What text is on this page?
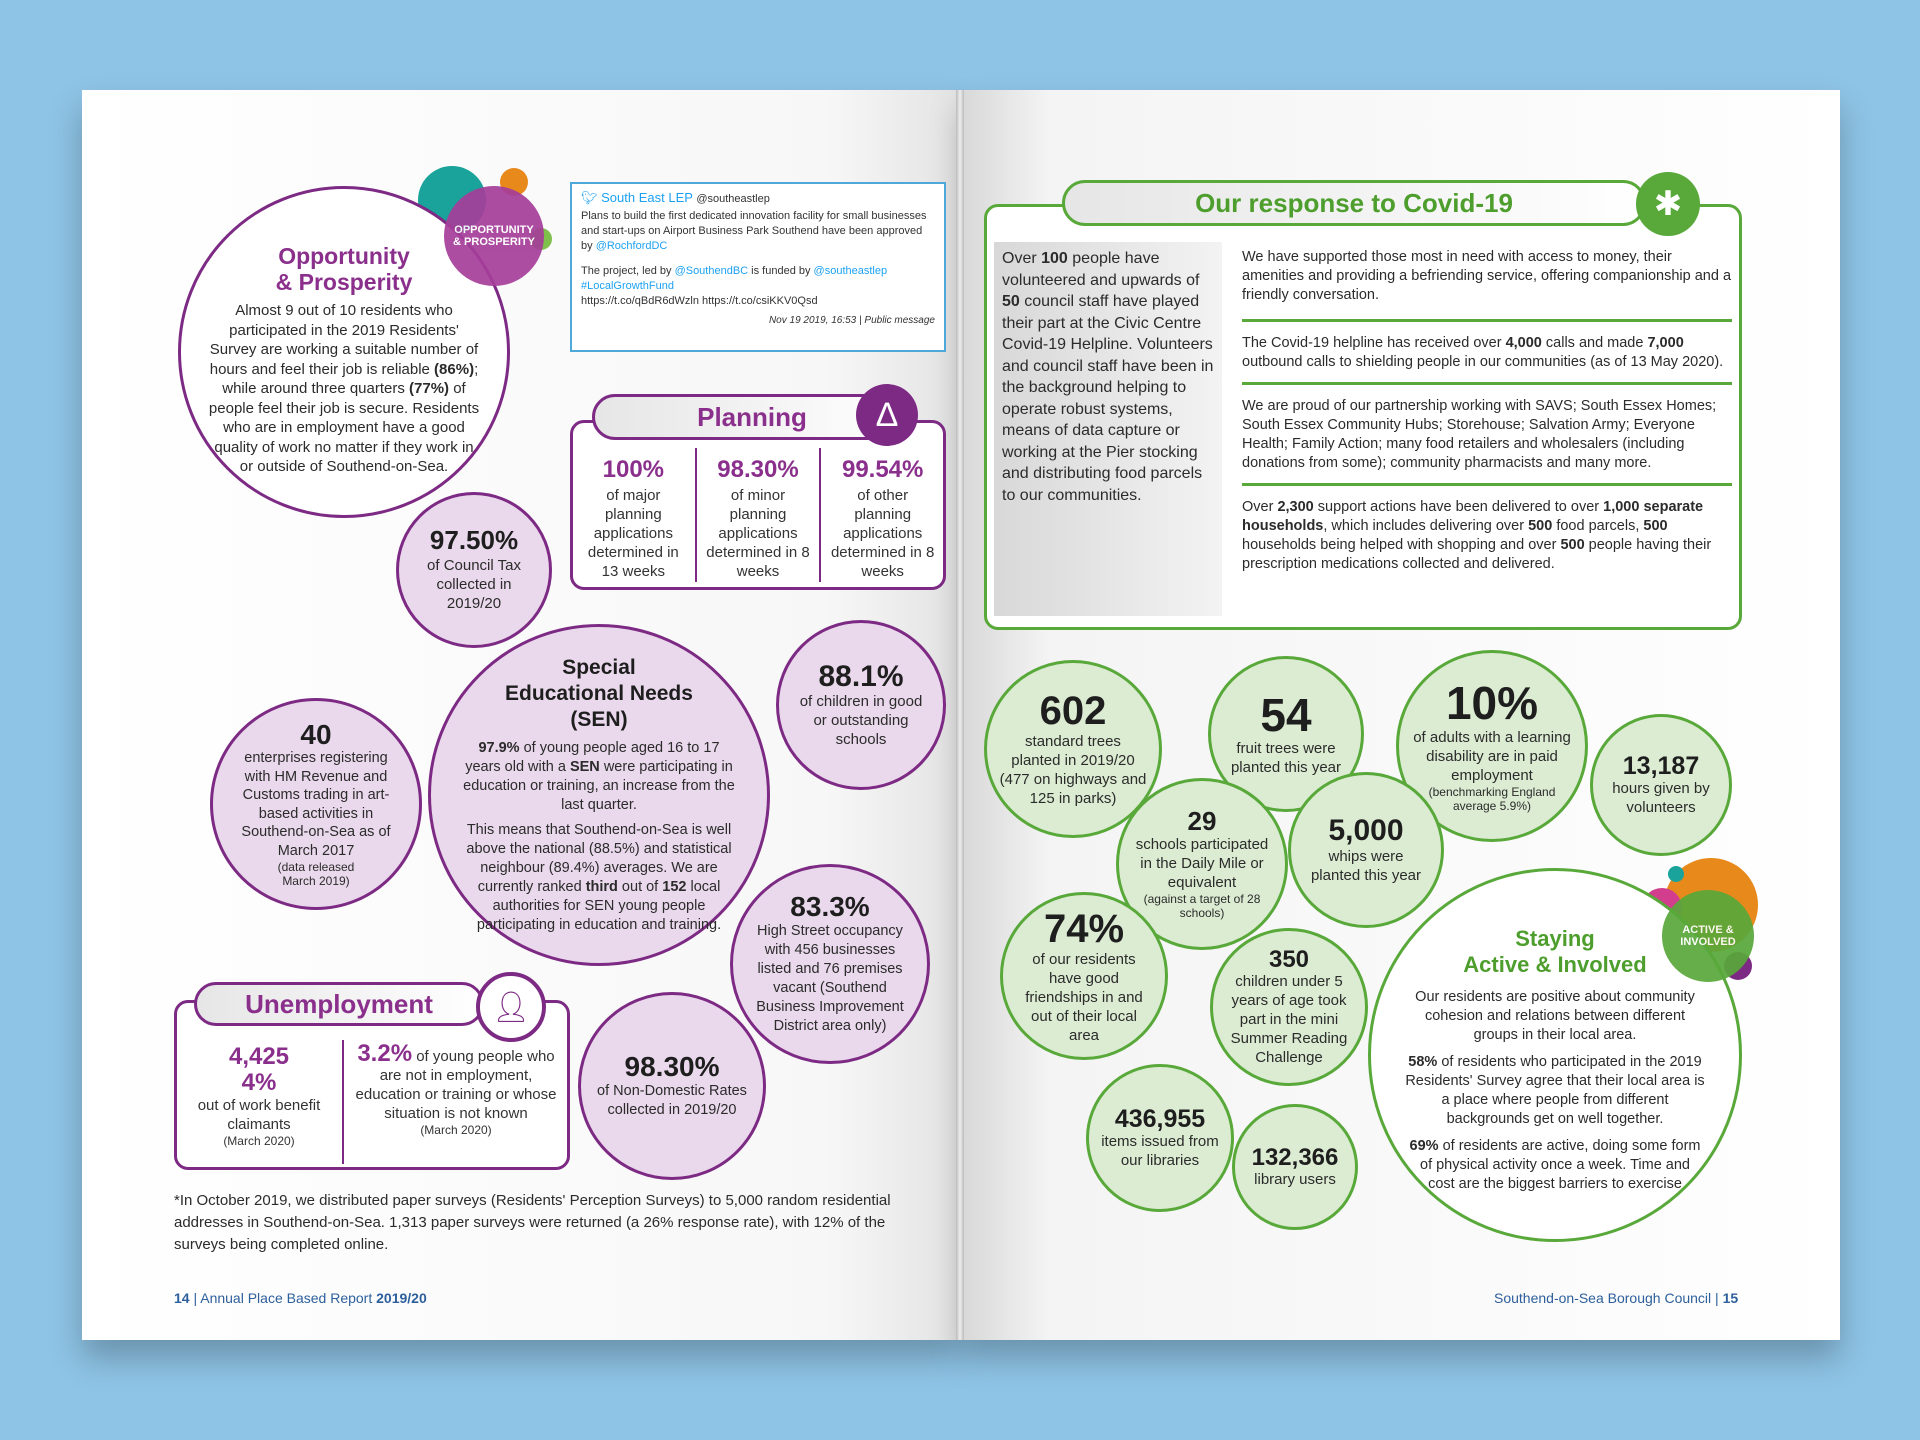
Opportunity
& Prosperity
Almost 9 out of 10 residents who participated in the 2019 Residents' Survey are working a suitable number of hours and feel their job is reliable (86%); while around three quarters (77%) of people feel their job is secure. Residents who are in employment have a good quality of work no matter if they work in or outside of Southend-on-Sea.
OPPORTUNITY & PROSPERITY
🐦︎ South East LEP @southeastlep
Plans to build the first dedicated innovation facility for small businesses and start-ups on Airport Business Park Southend have been approved by @RochfordDC
The project, led by @SouthendBC is funded by @southeastlep
#LocalGrowthFund
https://t.co/qBdR6dWzln https://t.co/csiKKV0Qsd
Nov 19 2019, 16:53 | Public message
Planning	∆
100%
of major planning applications determined in 13 weeks
98.30%
of minor planning applications determined in 8 weeks
99.54%
of other planning applications determined in 8 weeks
97.50%
of Council Tax collected in 2019/20
Special Educational Needs (SEN)
97.9% of young people aged 16 to 17 years old with a SEN were participating in education or training, an increase from the last quarter.
This means that Southend-on-Sea is well above the national (88.5%) and statistical neighbour (89.4%) averages. We are currently ranked third out of 152 local authorities for SEN young people participating in education and training.
88.1%
of children in good or outstanding schools
40
enterprises registering with HM Revenue and Customs trading in art-based activities in Southend-on-Sea as of March 2017
(data released March 2019)
83.3%
High Street occupancy with 456 businesses listed and 76 premises vacant (Southend Business Improvement District area only)
98.30%
of Non-Domestic Rates collected in 2019/20
Unemployment	👤︎
4,425
4%
out of work benefit claimants
(March 2020)
3.2% of young people who are not in employment, education or training or whose situation is not known
(March 2020)
*In October 2019, we distributed paper surveys (Residents' Perception Surveys) to 5,000 random residential addresses in Southend-on-Sea. 1,313 paper surveys were returned (a 26% response rate), with 12% of the surveys being completed online.
14 | Annual Place Based Report 2019/20
Our response to Covid-19	✱
Over 100 people have volunteered and upwards of 50 council staff have played their part at the Civic Centre Covid-19 Helpline. Volunteers and council staff have been in the background helping to operate robust systems, means of data capture or working at the Pier stocking and distributing food parcels to our communities.
We have supported those most in need with access to money, their amenities and providing a befriending service, offering companionship and a friendly conversation.
The Covid-19 helpline has received over 4,000 calls and made 7,000 outbound calls to shielding people in our communities (as of 13 May 2020).
We are proud of our partnership working with SAVS; South Essex Homes; South Essex Community Hubs; Storehouse; Salvation Army; Everyone Health; Family Action; many food retailers and wholesalers (including donations from some); community pharmacists and many more.
Over 2,300 support actions have been delivered to over 1,000 separate households, which includes delivering over 500 food parcels, 500 households being helped with shopping and over 500 people having their prescription medications collected and delivered.
602
standard trees planted in 2019/20 (477 on highways and 125 in parks)
54
fruit trees were planted this year
10%
of adults with a learning disability are in paid employment
(benchmarking England average 5.9%)
13,187
hours given by volunteers
29
schools participated in the Daily Mile or equivalent
(against a target of 28 schools)
5,000
whips were planted this year
74%
of our residents have good friendships in and out of their local area
350
children under 5 years of age took part in the mini Summer Reading Challenge
436,955
items issued from our libraries	132,366
library users
Staying
Active & Involved
Our residents are positive about community cohesion and relations between different groups in their local area.
58% of residents who participated in the 2019 Residents' Survey agree that their local area is a place where people from different backgrounds get on well together.
69% of residents are active, doing some form of physical activity once a week. Time and cost are the biggest barriers to exercise
ACTIVE & INVOLVED
Southend-on-Sea Borough Council | 15
